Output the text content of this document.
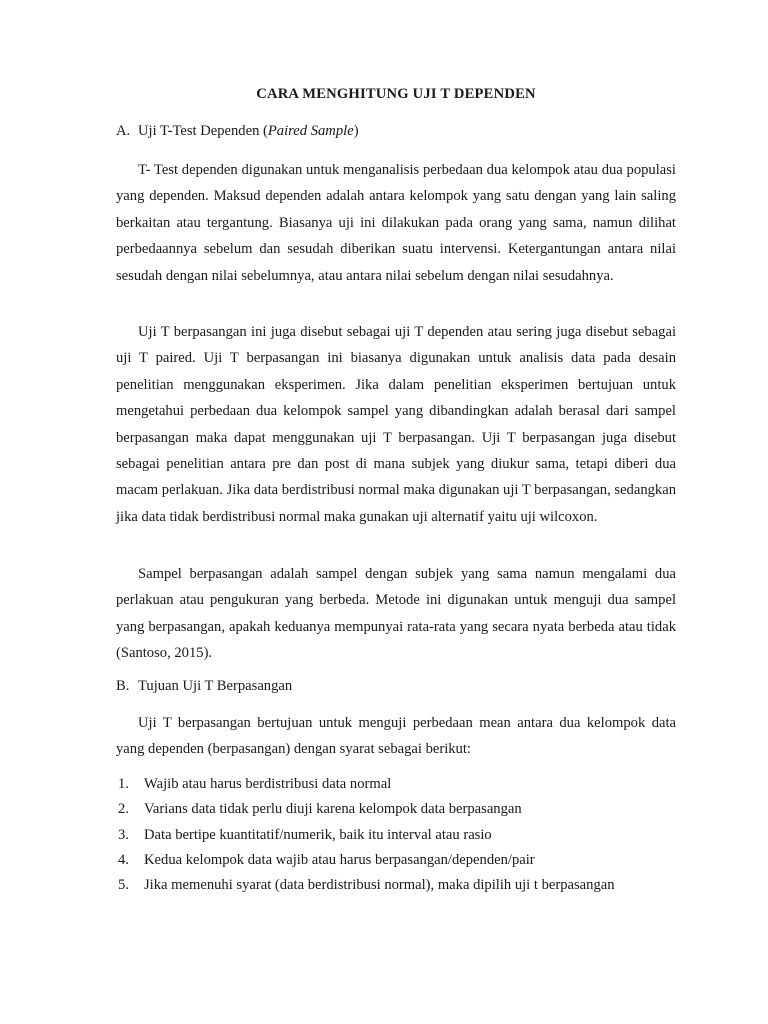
CARA MENGHITUNG UJI T DEPENDEN

A. Uji T-Test Dependen (Paired Sample)

T- Test dependen digunakan untuk menganalisis perbedaan dua kelompok atau dua populasi yang dependen. Maksud dependen adalah antara kelompok yang satu dengan yang lain saling berkaitan atau tergantung. Biasanya uji ini dilakukan pada orang yang sama, namun dilihat perbedaannya sebelum dan sesudah diberikan suatu intervensi. Ketergantungan antara nilai sesudah dengan nilai sebelumnya, atau antara nilai sebelum dengan nilai sesudahnya.

Uji T berpasangan ini juga disebut sebagai uji T dependen atau sering juga disebut sebagai uji T paired. Uji T berpasangan ini biasanya digunakan untuk analisis data pada desain penelitian menggunakan eksperimen. Jika dalam penelitian eksperimen bertujuan untuk mengetahui perbedaan dua kelompok sampel yang dibandingkan adalah berasal dari sampel berpasangan maka dapat menggunakan uji T berpasangan. Uji T berpasangan juga disebut sebagai penelitian antara pre dan post di mana subjek yang diukur sama, tetapi diberi dua macam perlakuan. Jika data berdistribusi normal maka digunakan uji T berpasangan, sedangkan jika data tidak berdistribusi normal maka gunakan uji alternatif yaitu uji wilcoxon.

Sampel berpasangan adalah sampel dengan subjek yang sama namun mengalami dua perlakuan atau pengukuran yang berbeda. Metode ini digunakan untuk menguji dua sampel yang berpasangan, apakah keduanya mempunyai rata-rata yang secara nyata berbeda atau tidak (Santoso, 2015).

B. Tujuan Uji T Berpasangan

Uji T berpasangan bertujuan untuk menguji perbedaan mean antara dua kelompok data yang dependen (berpasangan) dengan syarat sebagai berikut:

1. Wajib atau harus berdistribusi data normal
2. Varians data tidak perlu diuji karena kelompok data berpasangan
3. Data bertipe kuantitatif/numerik, baik itu interval atau rasio
4. Kedua kelompok data wajib atau harus berpasangan/dependen/pair
5. Jika memenuhi syarat (data berdistribusi normal), maka dipilih uji t berpasangan
